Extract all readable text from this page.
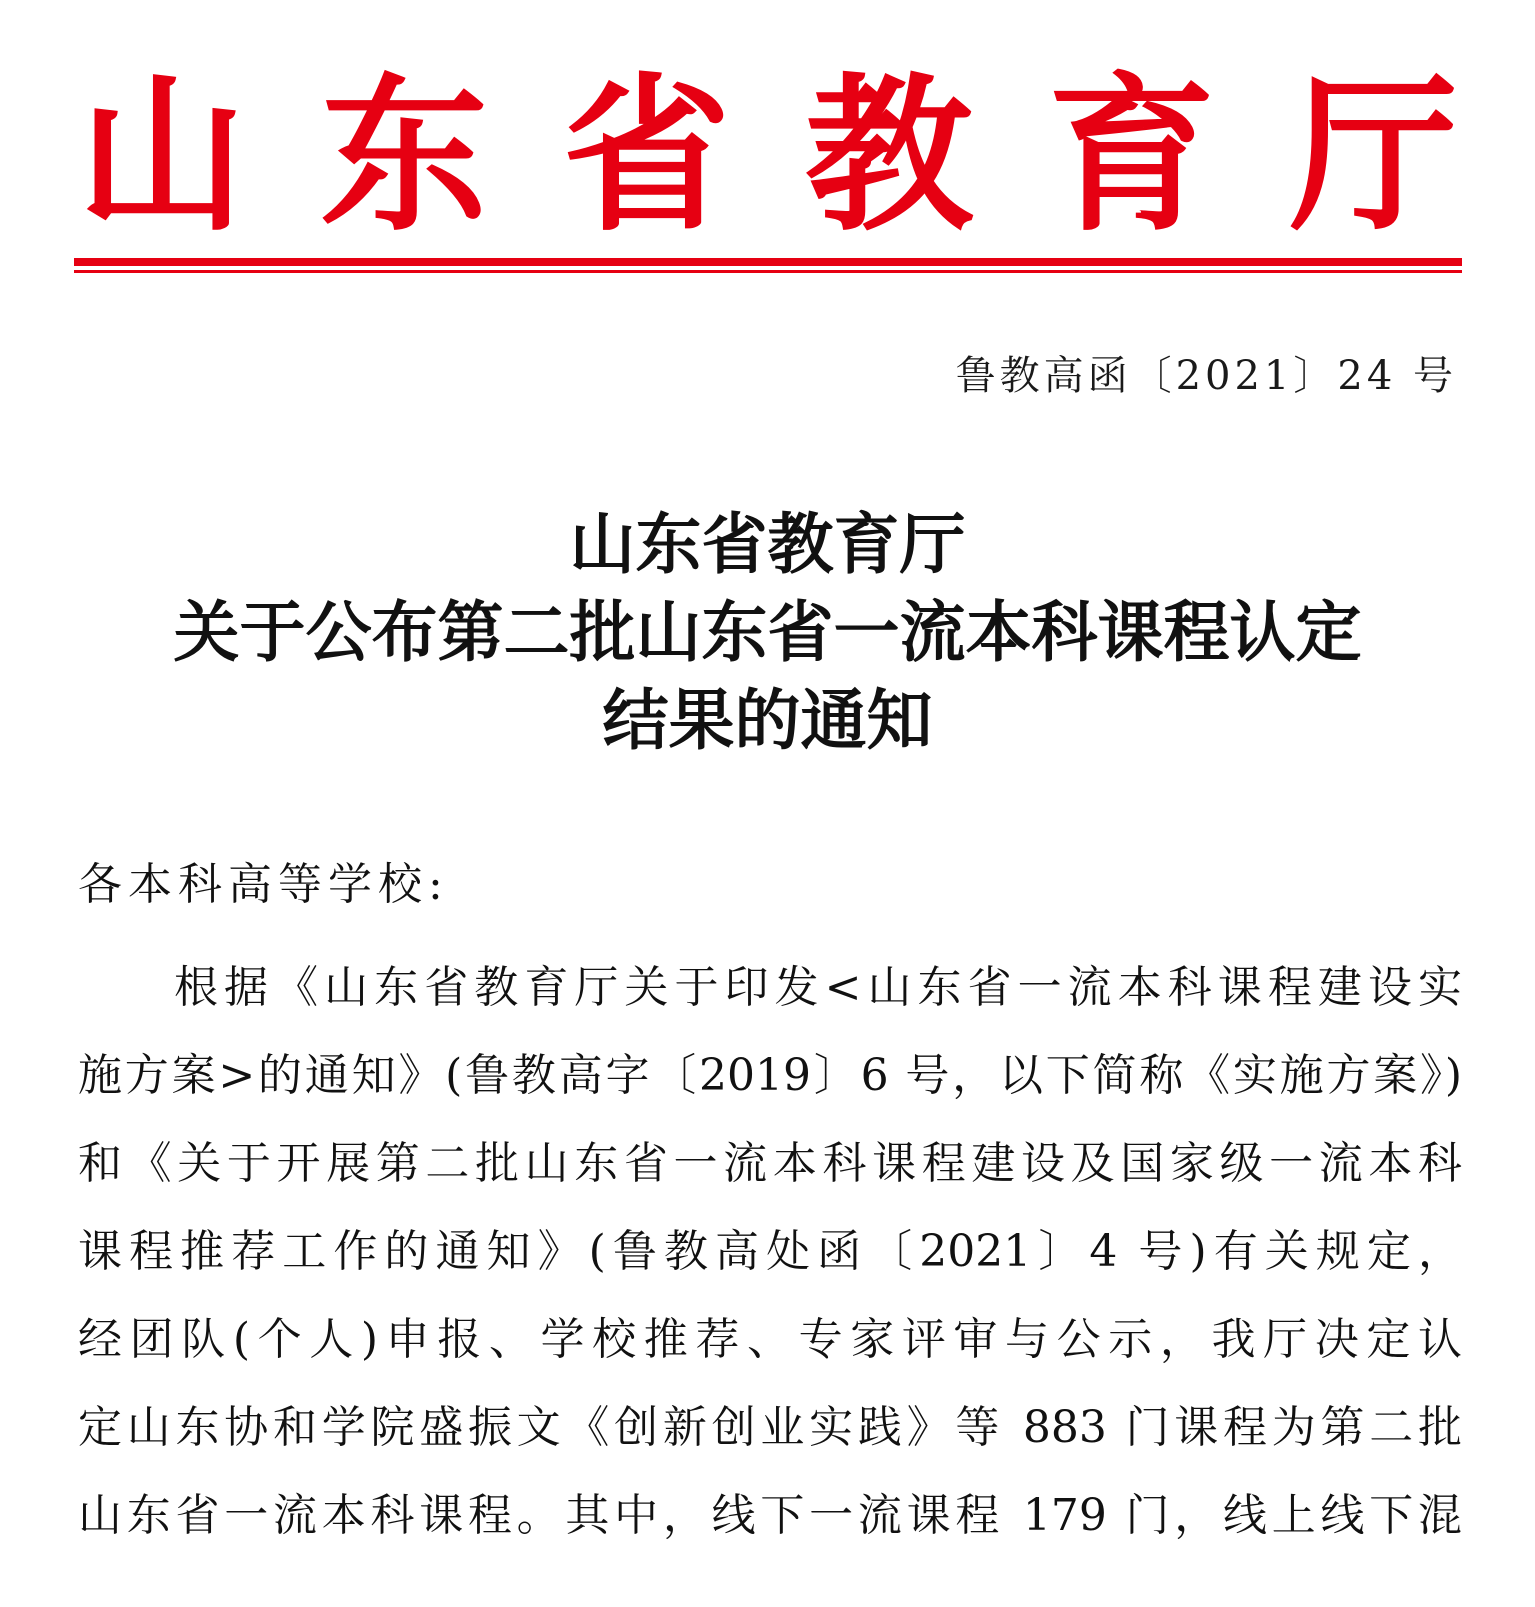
山 东 省 教 育 厅
鲁教高函〔2021〕24 号
山东省教育厅
关于公布第二批山东省一流本科课程认定
结果的通知
各本科高等学校:
根据《山东省教育厅关于印发<山东省一流本科课程建设实
施方案>的通知》(鲁教高字〔2019〕6 号，以下简称《实施方案》)
和《关于开展第二批山东省一流本科课程建设及国家级一流本科
课程推荐工作的通知》(鲁教高处函〔2021〕4 号)有关规定，
经团队(个人)申报、学校推荐、专家评审与公示，我厅决定认
定山东协和学院盛振文《创新创业实践》等 883 门课程为第二批
山东省一流本科课程。其中，线下一流课程 179 门，线上线下混
